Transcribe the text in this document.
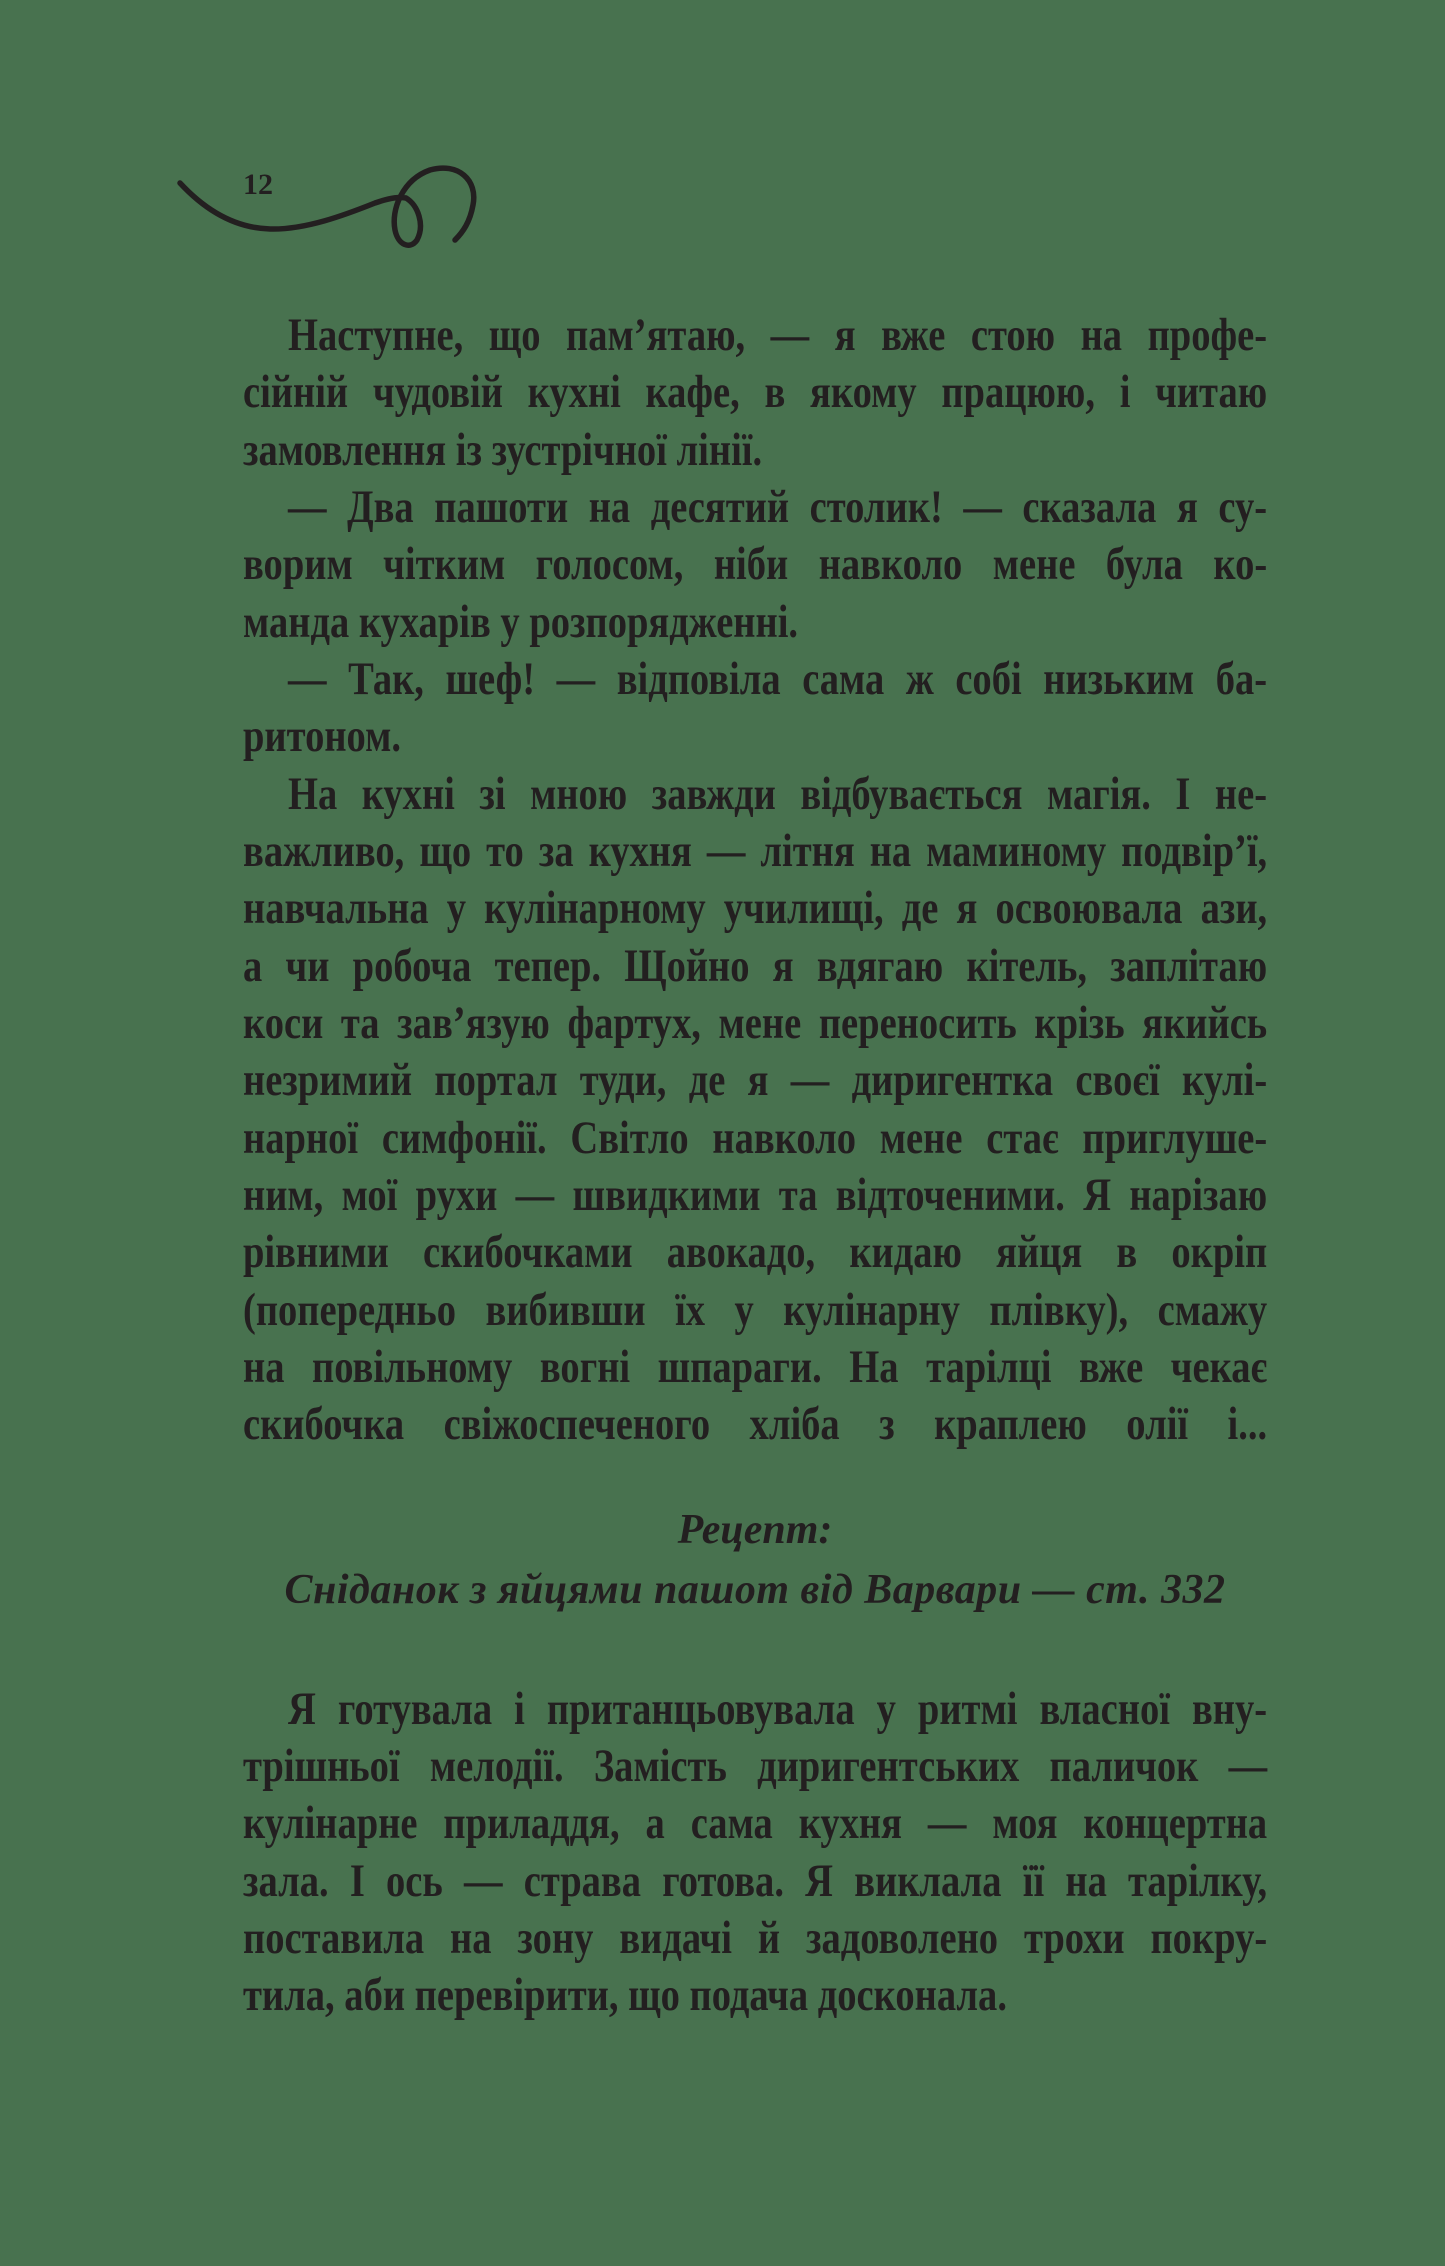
12
Наступне, що пам’ятаю, — я вже стою на профе-
сійній чудовій кухні кафе, в якому працюю, і читаю
замовлення із зустрічної лінії.
— Два пашоти на десятий столик! — сказала я су-
ворим чітким голосом, ніби навколо мене була ко-
манда кухарів у розпорядженні.
— Так, шеф! — відповіла сама ж собі низьким ба-
ритоном.
На кухні зі мною завжди відбувається магія. І не-
важливо, що то за кухня — літня на маминому подвір’ї,
навчальна у кулінарному училищі, де я освоювала ази,
а чи робоча тепер. Щойно я вдягаю кітель, заплітаю
коси та зав’язую фартух, мене переносить крізь якийсь
незримий портал туди, де я — диригентка своєї кулі-
нарної симфонії. Світло навколо мене стає приглуше-
ним, мої рухи — швидкими та відточеними. Я нарізаю
рівними скибочками авокадо, кидаю яйця в окріп
(попередньо вибивши їх у кулінарну плівку), смажу
на повільному вогні шпараги. На тарілці вже чекає
скибочка свіжоспеченого хліба з краплею олії і...
Рецепт:
Сніданок з яйцями пашот від Варвари — ст. 332
Я готувала і пританцьовувала у ритмі власної вну-
трішньої мелодії. Замість диригентських паличок —
кулінарне приладдя, а сама кухня — моя концертна
зала. І ось — страва готова. Я виклала її на тарілку,
поставила на зону видачі й задоволено трохи покру-
тила, аби перевірити, що подача досконала.
